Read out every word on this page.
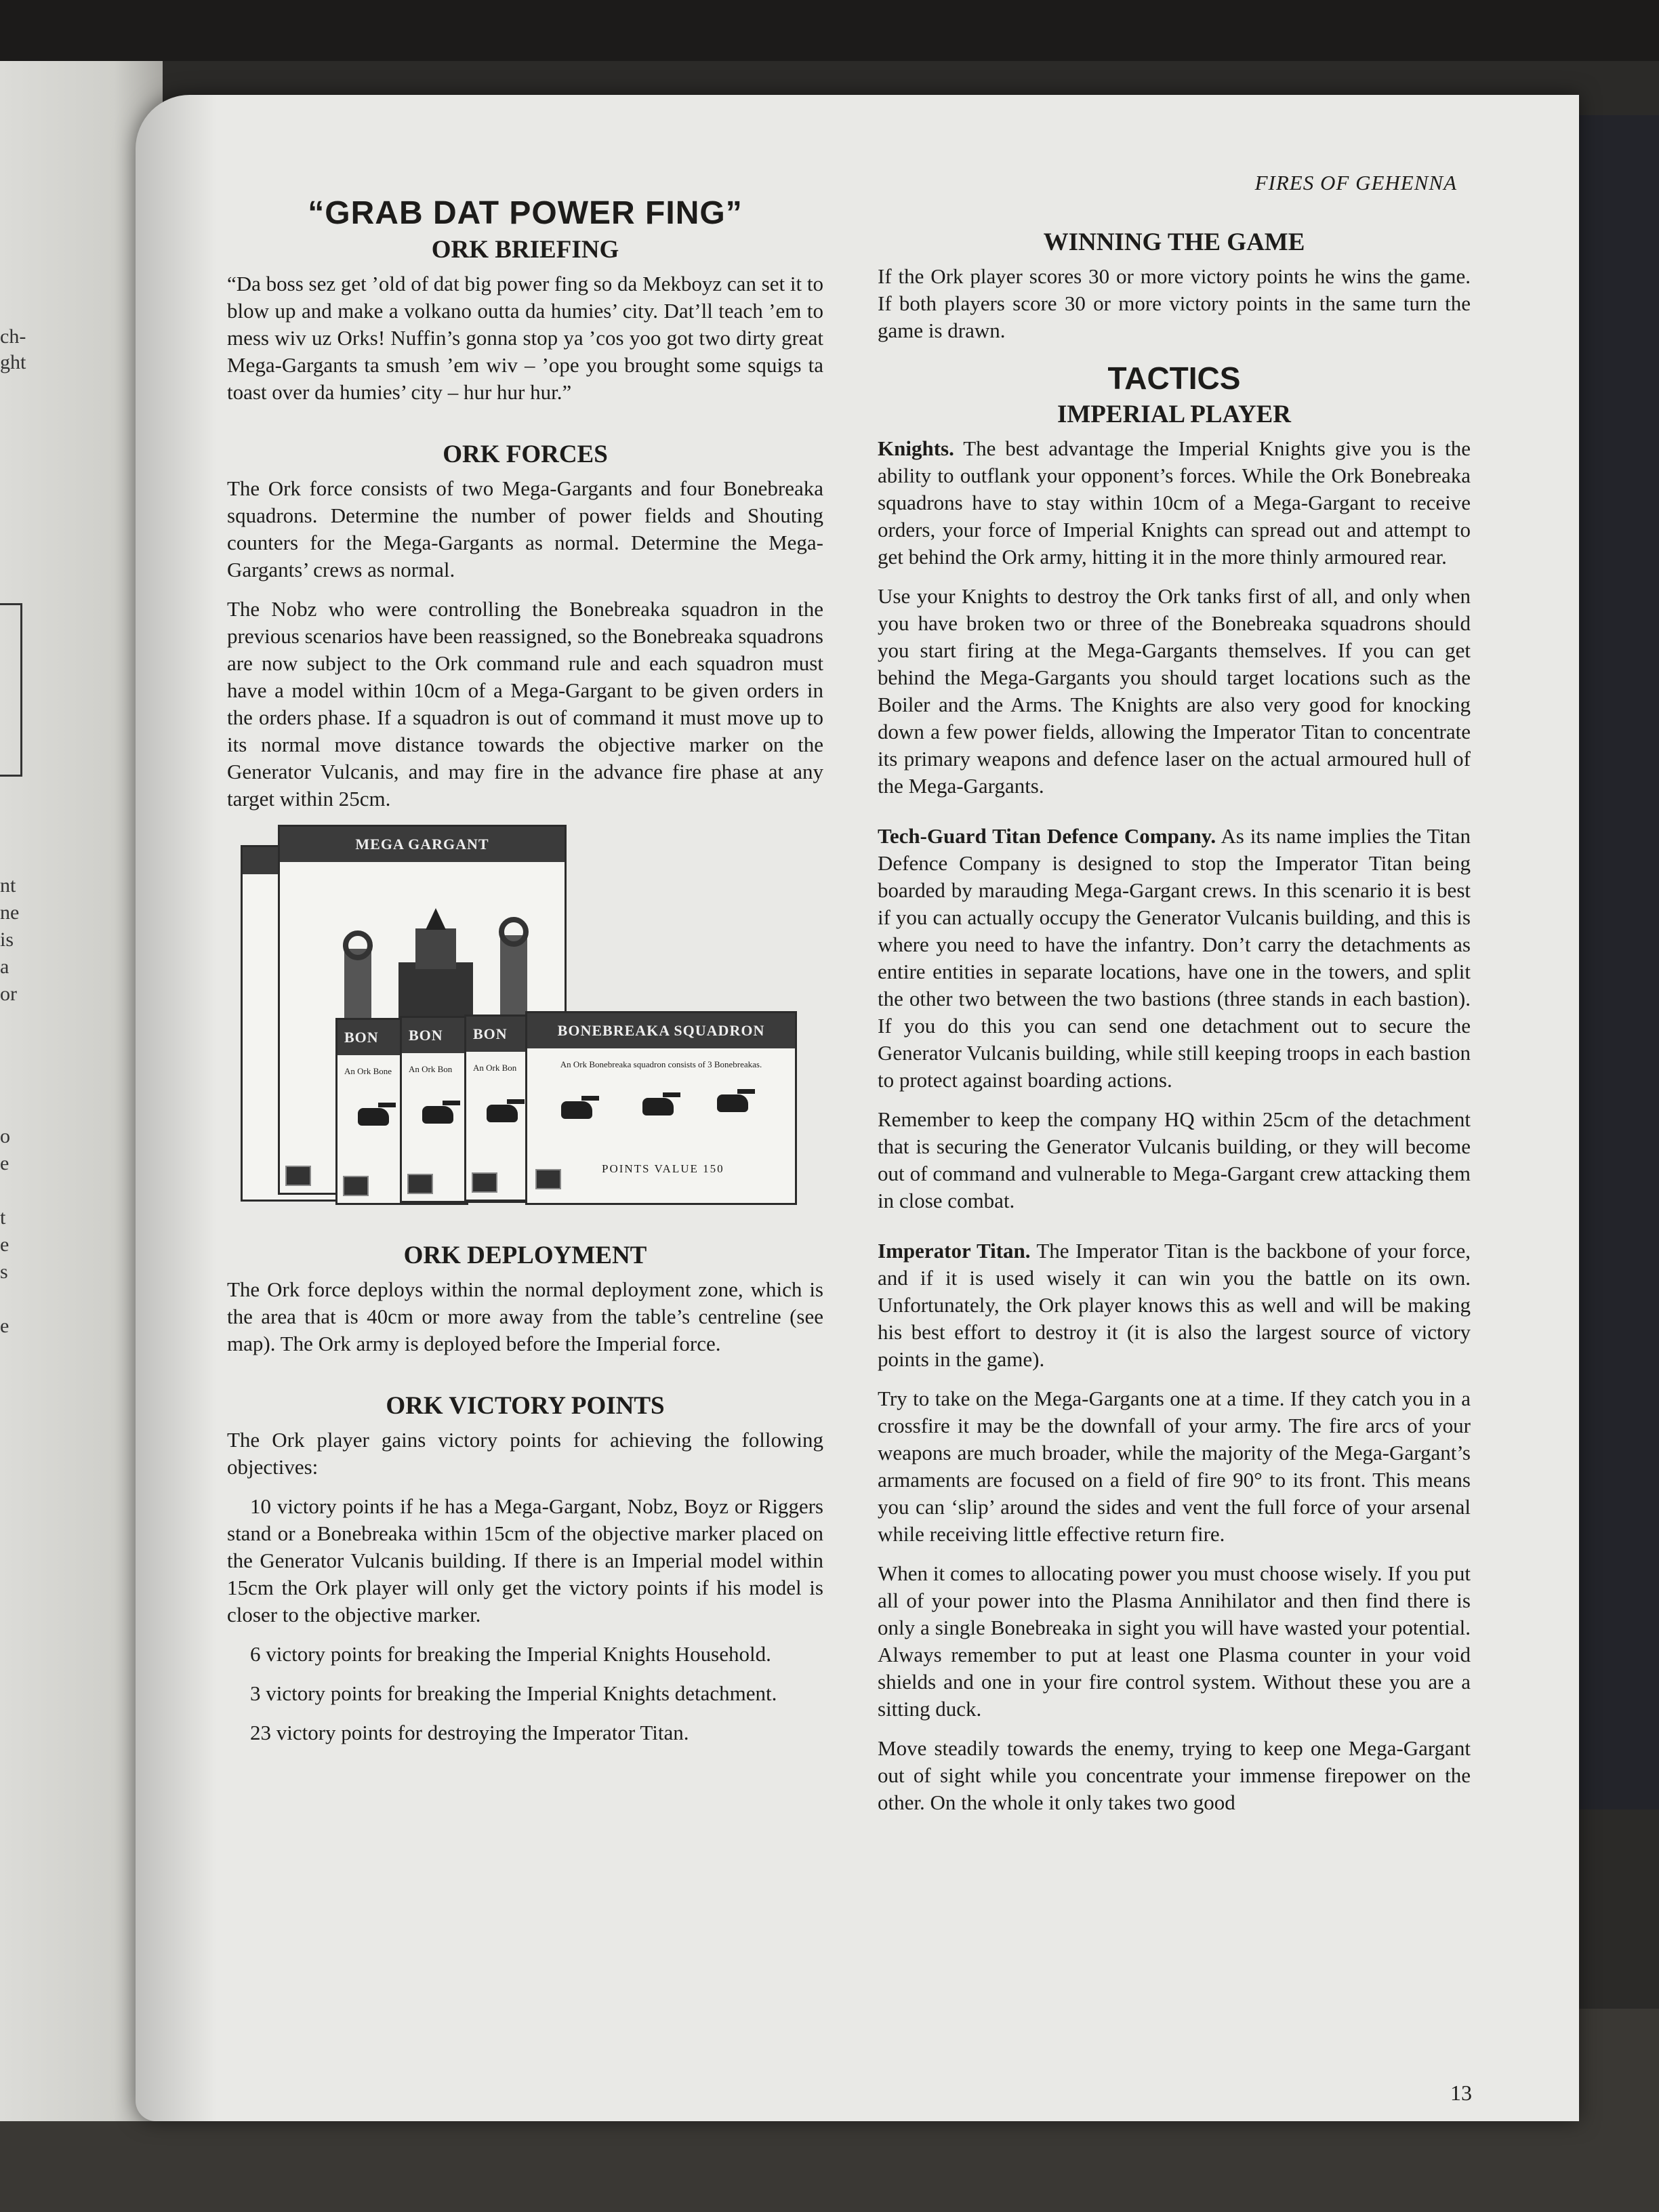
ch-
ght
nt
ne
is
a
or
o
e
t
e
s
e
FIRES OF GEHENNA
“GRAB DAT POWER FING”
ORK BRIEFING

“Da boss sez get ’old of dat big power fing so da Mekboyz can set it to blow up and make a volkano outta da humies’ city. Dat’ll teach ’em to mess wiv uz Orks! Nuffin’s gonna stop ya ’cos yoo got two dirty great Mega-Gargants ta smush ’em wiv – ’ope you brought some squigs ta toast over da humies’ city – hur hur hur.”

ORK FORCES

The Ork force consists of two Mega-Gargants and four Bonebreaka squadrons. Determine the number of power fields and Shouting counters for the Mega-Gargants as normal. Determine the Mega-Gargants’ crews as normal.

The Nobz who were controlling the Bonebreaka squadron in the previous scenarios have been reassigned, so the Bonebreaka squadrons are now subject to the Ork command rule and each squadron must have a model within 10cm of a Mega-Gargant to be given orders in the orders phase. If a squadron is out of command it must move up to its normal move distance towards the objective marker on the Generator Vulcanis, and may fire in the advance fire phase at any target within 25cm.

MEGA GARGANT
BON
An Ork Bone
BON
An Ork Bon
BON
An Ork Bon
BONEBREAKA SQUADRON
An Ork Bonebreaka squadron consists of 3 Bonebreakas.
POINTS VALUE 150
ORK DEPLOYMENT

The Ork force deploys within the normal deployment zone, which is the area that is 40cm or more away from the table’s centreline (see map). The Ork army is deployed before the Imperial force.

ORK VICTORY POINTS

The Ork player gains victory points for achieving the following objectives:

10 victory points if he has a Mega-Gargant, Nobz, Boyz or Riggers stand or a Bonebreaka within 15cm of the objective marker placed on the Generator Vulcanis building. If there is an Imperial model within 15cm the Ork player will only get the victory points if his model is closer to the objective marker.

6 victory points for breaking the Imperial Knights Household.

3 victory points for breaking the Imperial Knights detachment.

23 victory points for destroying the Imperator Titan.

WINNING THE GAME

If the Ork player scores 30 or more victory points he wins the game. If both players score 30 or more victory points in the same turn the game is drawn.

TACTICS
IMPERIAL PLAYER

Knights. The best advantage the Imperial Knights give you is the ability to outflank your opponent’s forces. While the Ork Bonebreaka squadrons have to stay within 10cm of a Mega-Gargant to receive orders, your force of Imperial Knights can spread out and attempt to get behind the Ork army, hitting it in the more thinly armoured rear.

Use your Knights to destroy the Ork tanks first of all, and only when you have broken two or three of the Bonebreaka squadrons should you start firing at the Mega-Gargants themselves. If you can get behind the Mega-Gargants you should target locations such as the Boiler and the Arms. The Knights are also very good for knocking down a few power fields, allowing the Imperator Titan to concentrate its primary weapons and defence laser on the actual armoured hull of the Mega-Gargants.

Tech-Guard Titan Defence Company. As its name implies the Titan Defence Company is designed to stop the Imperator Titan being boarded by marauding Mega-Gargant crews. In this scenario it is best if you can actually occupy the Generator Vulcanis building, and this is where you need to have the infantry. Don’t carry the detachments as entire entities in separate locations, have one in the towers, and split the other two between the two bastions (three stands in each bastion). If you do this you can send one detachment out to secure the Generator Vulcanis building, while still keeping troops in each bastion to protect against boarding actions.

Remember to keep the company HQ within 25cm of the detachment that is securing the Generator Vulcanis building, or they will become out of command and vulnerable to Mega-Gargant crew attacking them in close combat.

Imperator Titan. The Imperator Titan is the backbone of your force, and if it is used wisely it can win you the battle on its own. Unfortunately, the Ork player knows this as well and will be making his best effort to destroy it (it is also the largest source of victory points in the game).

Try to take on the Mega-Gargants one at a time. If they catch you in a crossfire it may be the downfall of your army. The fire arcs of your weapons are much broader, while the majority of the Mega-Gargant’s armaments are focused on a field of fire 90° to its front. This means you can ‘slip’ around the sides and vent the full force of your arsenal while receiving little effective return fire.

When it comes to allocating power you must choose wisely. If you put all of your power into the Plasma Annihilator and then find there is only a single Bonebreaka in sight you will have wasted your potential. Always remember to put at least one Plasma counter in your void shields and one in your fire control system. Without these you are a sitting duck.

Move steadily towards the enemy, trying to keep one Mega-Gargant out of sight while you concentrate your immense firepower on the other. On the whole it only takes two good

13
